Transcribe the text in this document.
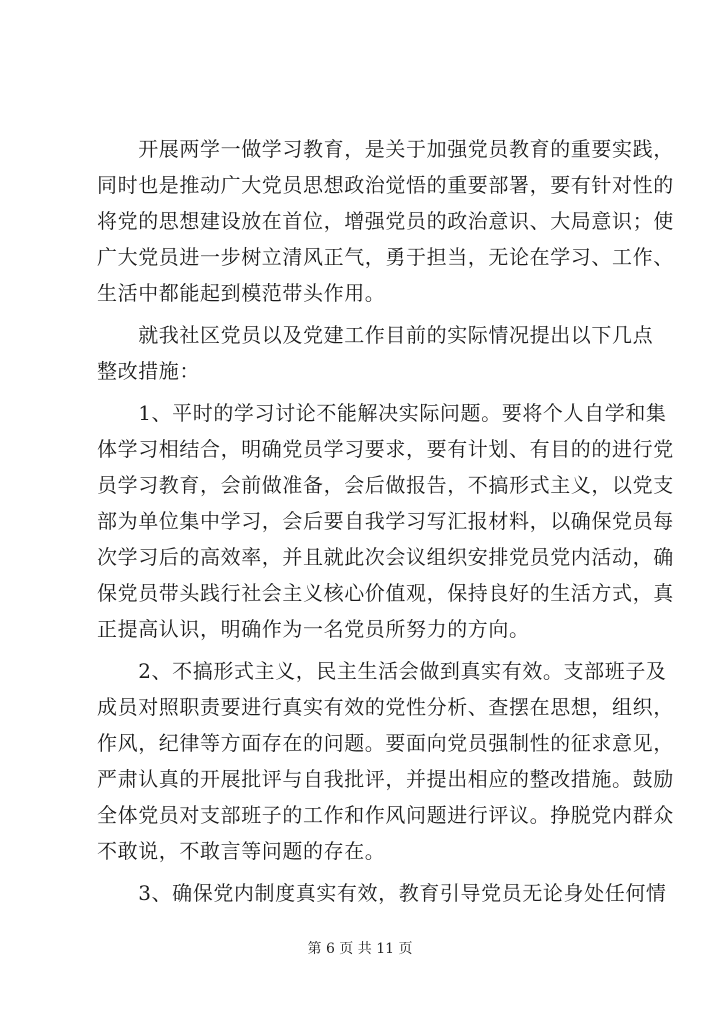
　　开展两学一做学习教育，是关于加强党员教育的重要实践，
同时也是推动广大党员思想政治觉悟的重要部署，要有针对性的
将党的思想建设放在首位，增强党员的政治意识、大局意识；使
广大党员进一步树立清风正气，勇于担当，无论在学习、工作、
生活中都能起到模范带头作用。
　　就我社区党员以及党建工作目前的实际情况提出以下几点
整改措施：
　　1、平时的学习讨论不能解决实际问题。要将个人自学和集
体学习相结合，明确党员学习要求，要有计划、有目的的进行党
员学习教育，会前做准备，会后做报告，不搞形式主义，以党支
部为单位集中学习，会后要自我学习写汇报材料，以确保党员每
次学习后的高效率，并且就此次会议组织安排党员党内活动，确
保党员带头践行社会主义核心价值观，保持良好的生活方式，真
正提高认识，明确作为一名党员所努力的方向。
　　2、不搞形式主义，民主生活会做到真实有效。支部班子及
成员对照职责要进行真实有效的党性分析、查摆在思想，组织，
作风，纪律等方面存在的问题。要面向党员强制性的征求意见，
严肃认真的开展批评与自我批评，并提出相应的整改措施。鼓励
全体党员对支部班子的工作和作风问题进行评议。挣脱党内群众
不敢说，不敢言等问题的存在。
　　3、确保党内制度真实有效，教育引导党员无论身处任何情
第 6 页 共 11 页
